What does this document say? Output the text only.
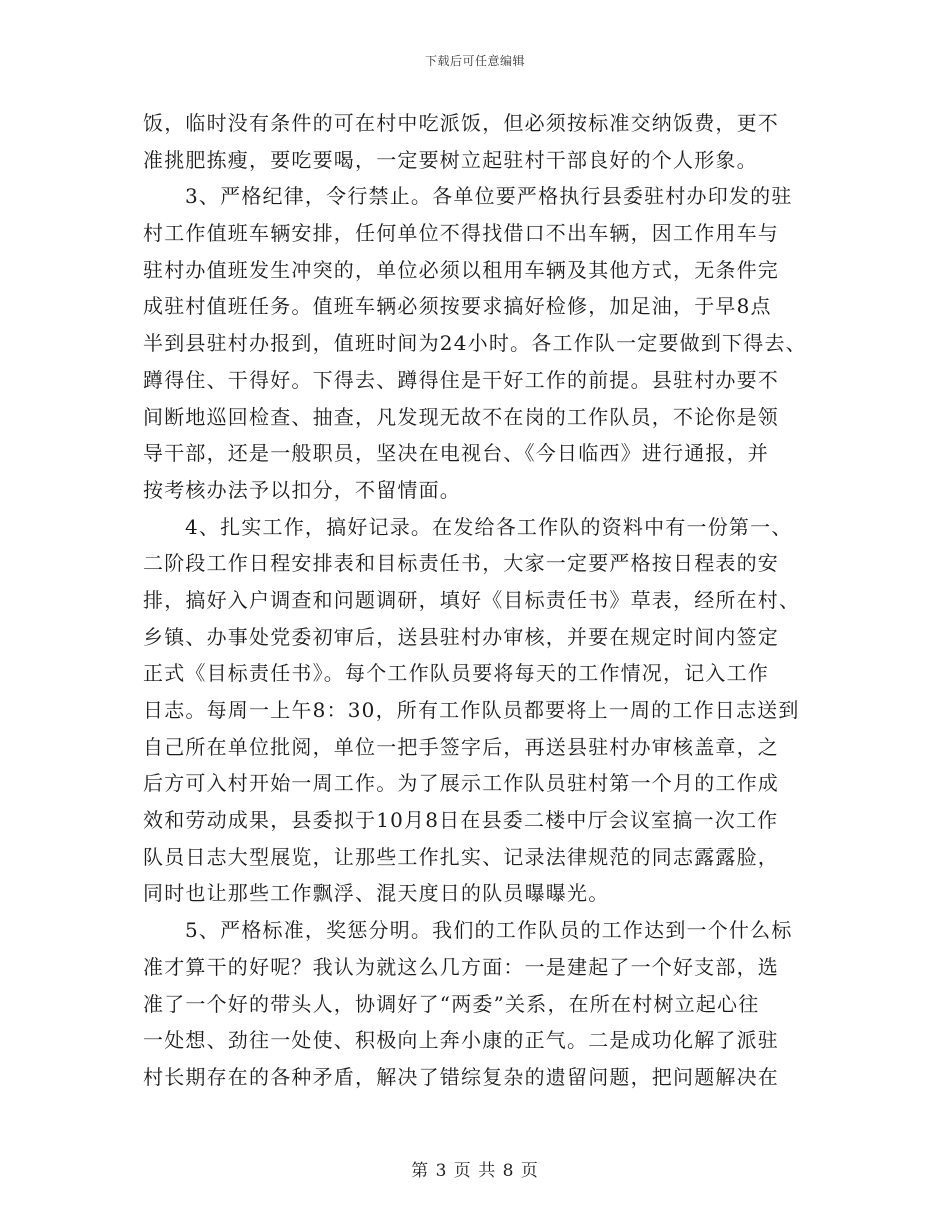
下载后可任意编辑
饭，临时没有条件的可在村中吃派饭，但必须按标准交纳饭费，更不
准挑肥拣瘦，要吃要喝，一定要树立起驻村干部良好的个人形象。
3、严格纪律，令行禁止。各单位要严格执行县委驻村办印发的驻
村工作值班车辆安排，任何单位不得找借口不出车辆，因工作用车与
驻村办值班发生冲突的，单位必须以租用车辆及其他方式，无条件完
成驻村值班任务。值班车辆必须按要求搞好检修，加足油，于早8点
半到县驻村办报到，值班时间为24小时。各工作队一定要做到下得去、
蹲得住、干得好。下得去、蹲得住是干好工作的前提。县驻村办要不
间断地巡回检查、抽查，凡发现无故不在岗的工作队员，不论你是领
导干部，还是一般职员，坚决在电视台、《今日临西》进行通报，并
按考核办法予以扣分，不留情面。
4、扎实工作，搞好记录。在发给各工作队的资料中有一份第一、
二阶段工作日程安排表和目标责任书，大家一定要严格按日程表的安
排，搞好入户调查和问题调研，填好《目标责任书》草表，经所在村、
乡镇、办事处党委初审后，送县驻村办审核，并要在规定时间内签定
正式《目标责任书》。每个工作队员要将每天的工作情况，记入工作
日志。每周一上午8：30，所有工作队员都要将上一周的工作日志送到
自己所在单位批阅，单位一把手签字后，再送县驻村办审核盖章，之
后方可入村开始一周工作。为了展示工作队员驻村第一个月的工作成
效和劳动成果，县委拟于10月8日在县委二楼中厅会议室搞一次工作
队员日志大型展览，让那些工作扎实、记录法律规范的同志露露脸，
同时也让那些工作飘浮、混天度日的队员曝曝光。
5、严格标准，奖惩分明。我们的工作队员的工作达到一个什么标
准才算干的好呢？我认为就这么几方面：一是建起了一个好支部，选
准了一个好的带头人，协调好了“两委”关系，在所在村树立起心往
一处想、劲往一处使、积极向上奔小康的正气。二是成功化解了派驻
村长期存在的各种矛盾，解决了错综复杂的遗留问题，把问题解决在
第 3 页 共 8 页
